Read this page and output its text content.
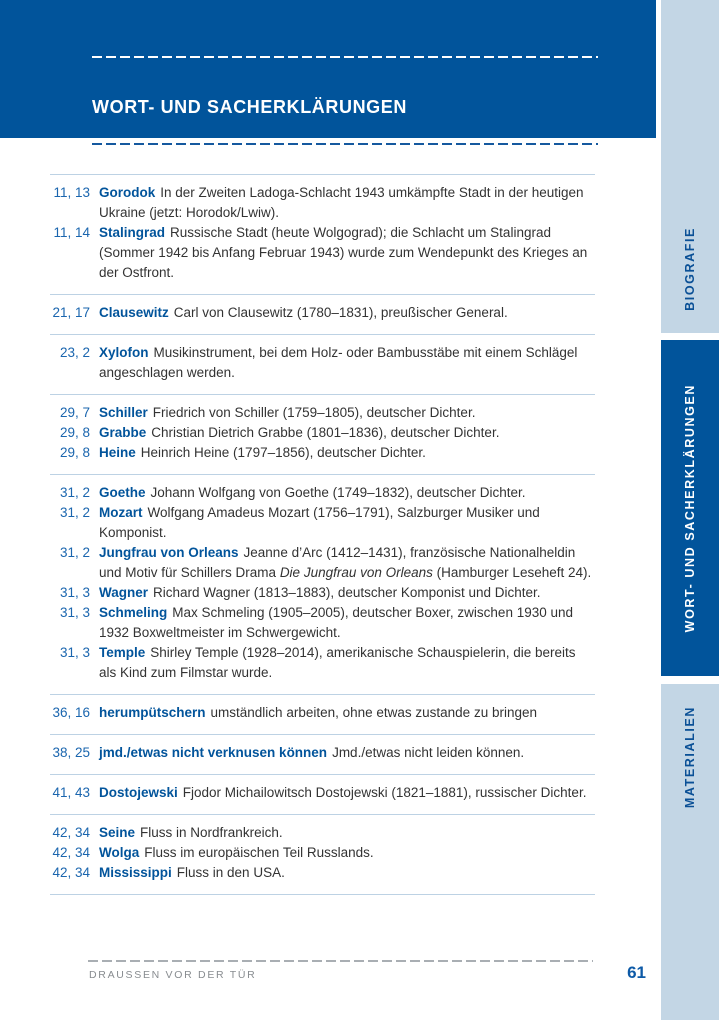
WORT- UND SACHERKLÄRUNGEN
11, 13 Gorodok In der Zweiten Ladoga-Schlacht 1943 umkämpfte Stadt in der heutigen Ukraine (jetzt: Horodok/Lwiw).

11, 14 Stalingrad Russische Stadt (heute Wolgograd); die Schlacht um Stalingrad (Sommer 1942 bis Anfang Februar 1943) wurde zum Wendepunkt des Krieges an der Ostfront.

21, 17 Clausewitz Carl von Clausewitz (1780–1831), preußischer General.

23, 2 Xylofon Musikinstrument, bei dem Holz- oder Bambusstäbe mit einem Schlägel angeschlagen werden.

29, 7 Schiller Friedrich von Schiller (1759–1805), deutscher Dichter.

29, 8 Grabbe Christian Dietrich Grabbe (1801–1836), deutscher Dichter.

29, 8 Heine Heinrich Heine (1797–1856), deutscher Dichter.

31, 2 Goethe Johann Wolfgang von Goethe (1749–1832), deutscher Dichter.

31, 2 Mozart Wolfgang Amadeus Mozart (1756–1791), Salzburger Musiker und Komponist.

31, 2 Jungfrau von Orleans Jeanne d’Arc (1412–1431), französische Nationalheldin und Motiv für Schillers Drama Die Jungfrau von Orleans (Hamburger Leseheft 24).

31, 3 Wagner Richard Wagner (1813–1883), deutscher Komponist und Dichter.

31, 3 Schmeling Max Schmeling (1905–2005), deutscher Boxer, zwischen 1930 und 1932 Boxweltmeister im Schwergewicht.

31, 3 Temple Shirley Temple (1928–2014), amerikanische Schauspielerin, die bereits als Kind zum Filmstar wurde.

36, 16 herumpütschern umständlich arbeiten, ohne etwas zustande zu bringen

38, 25 jmd./etwas nicht verknusen können Jmd./etwas nicht leiden können.

41, 43 Dostojewski Fjodor Michailowitsch Dostojewski (1821–1881), russischer Dichter.

42, 34 Seine Fluss in Nordfrankreich.

42, 34 Wolga Fluss im europäischen Teil Russlands.

42, 34 Mississippi Fluss in den USA.

BIOGRAFIE
WORT- UND SACHERKLÄRUNGEN
MATERIALIEN
DRAUSSEN VOR DER TÜR	61
